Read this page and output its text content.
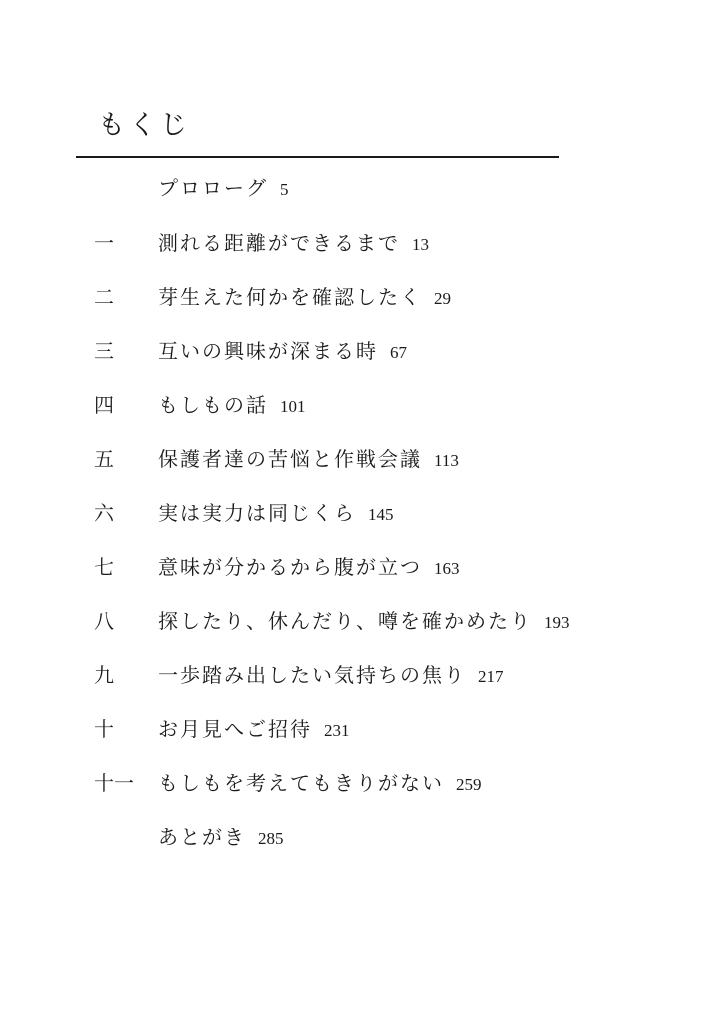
もくじ
プロローグ 5
一 測れる距離ができるまで 13
二 芽生えた何かを確認したく 29
三 互いの興味が深まる時 67
四 もしもの話 101
五 保護者達の苦悩と作戦会議 113
六 実は実力は同じくら 145
七 意味が分かるから腹が立つ 163
八 探したり、休んだり、噂を確かめたり 193
九 一歩踏み出したい気持ちの焦り 217
十 お月見へご招待 231
十一 もしもを考えてもきりがない 259
あとがき 285
